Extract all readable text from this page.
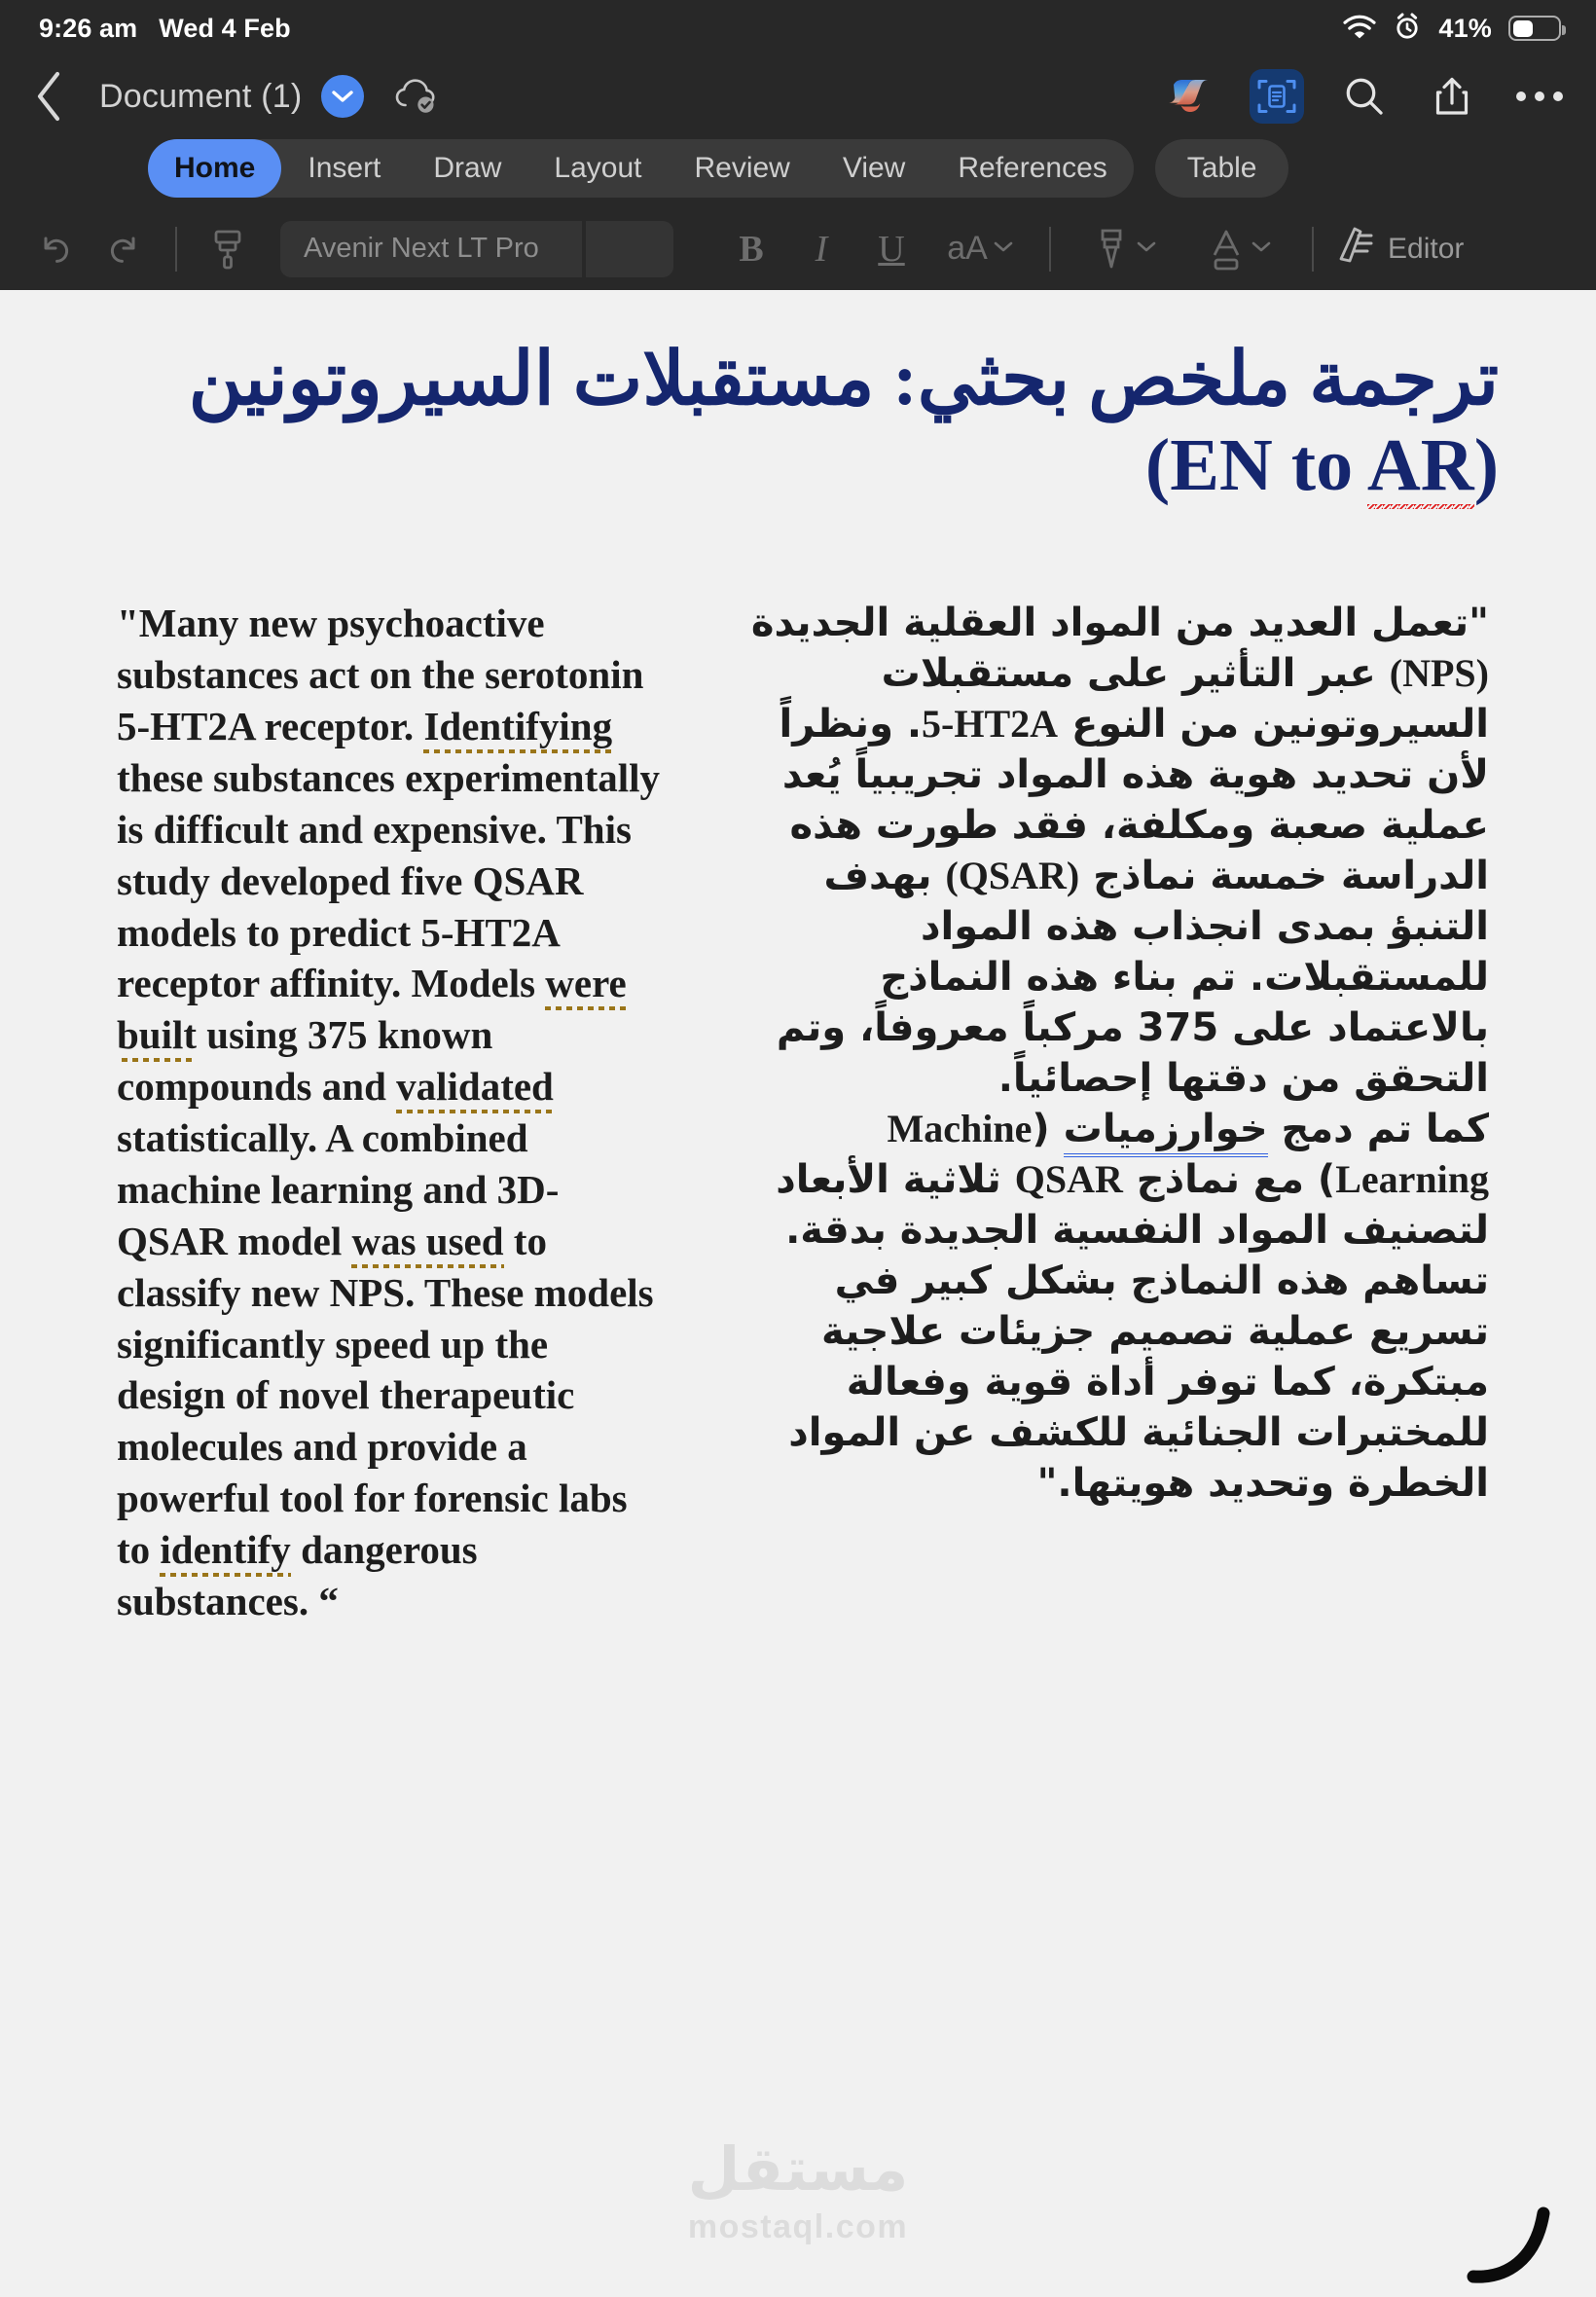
9:26 am Wed 4 Feb	41%
Document (1)
Home	Insert	Draw	Layout	Review	View	References	Table
Avenir Next LT Pro	B I U aA	Editor
ترجمة ملخص بحثي: مستقبلات السيروتونين (EN to AR)
"Many new psychoactive substances act on the serotonin 5-HT2A receptor. Identifying these substances experimentally is difficult and expensive. This study developed five QSAR models to predict 5-HT2A receptor affinity. Models were built using 375 known compounds and validated statistically. A combined machine learning and 3D-QSAR model was used to classify new NPS. These models significantly speed up the design of novel therapeutic molecules and provide a powerful tool for forensic labs to identify dangerous substances. “

"تعمل العديد من المواد العقلية الجديدة (NPS) عبر التأثير على مستقبلات السيروتونين من النوع 5-HT2A. ونظراً لأن تحديد هوية هذه المواد تجريبياً يُعد عملية صعبة ومكلفة، فقد طورت هذه الدراسة خمسة نماذج (QSAR) بهدف التنبؤ بمدى انجذاب هذه المواد للمستقبلات. تم بناء هذه النماذج بالاعتماد على 375 مركباً معروفاً، وتم التحقق من دقتها إحصائياً.

كما تم دمج خوارزميات (Machine Learning) مع نماذج QSAR ثلاثية الأبعاد لتصنيف المواد النفسية الجديدة بدقة.

تساهم هذه النماذج بشكل كبير في تسريع عملية تصميم جزيئات علاجية مبتكرة، كما توفر أداة قوية وفعالة للمختبرات الجنائية للكشف عن المواد الخطرة وتحديد هويتها."

مستقل
mostaql.com
